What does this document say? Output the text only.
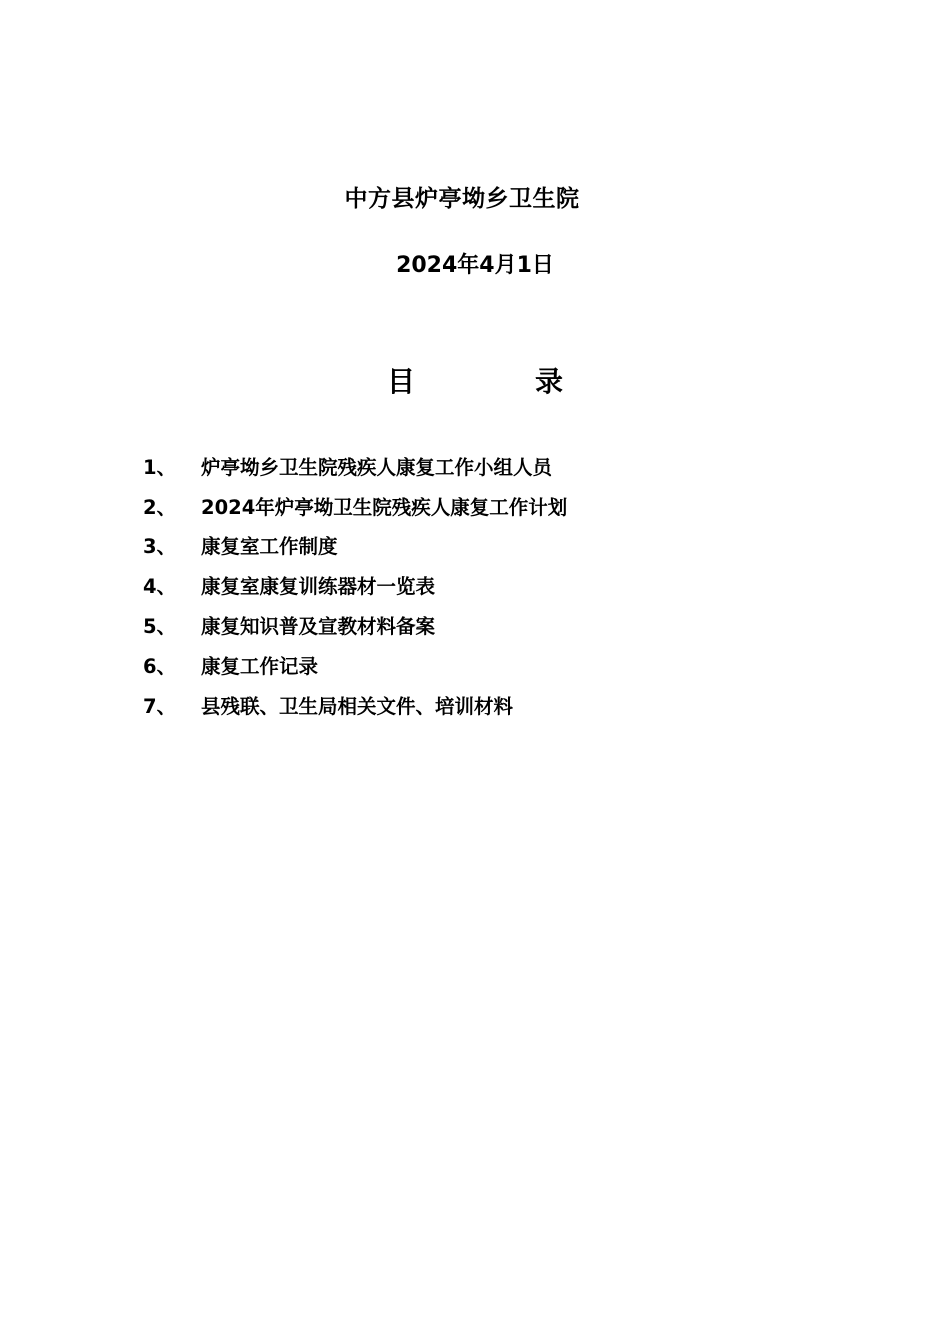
中方县炉亭坳乡卫生院
2024年4月1日
目	录
1、	炉亭坳乡卫生院残疾人康复工作小组人员
2、	2024年炉亭坳卫生院残疾人康复工作计划
3、	康复室工作制度
4、	康复室康复训练器材一览表
5、	康复知识普及宣教材料备案
6、	康复工作记录
7、	县残联、卫生局相关文件、培训材料
